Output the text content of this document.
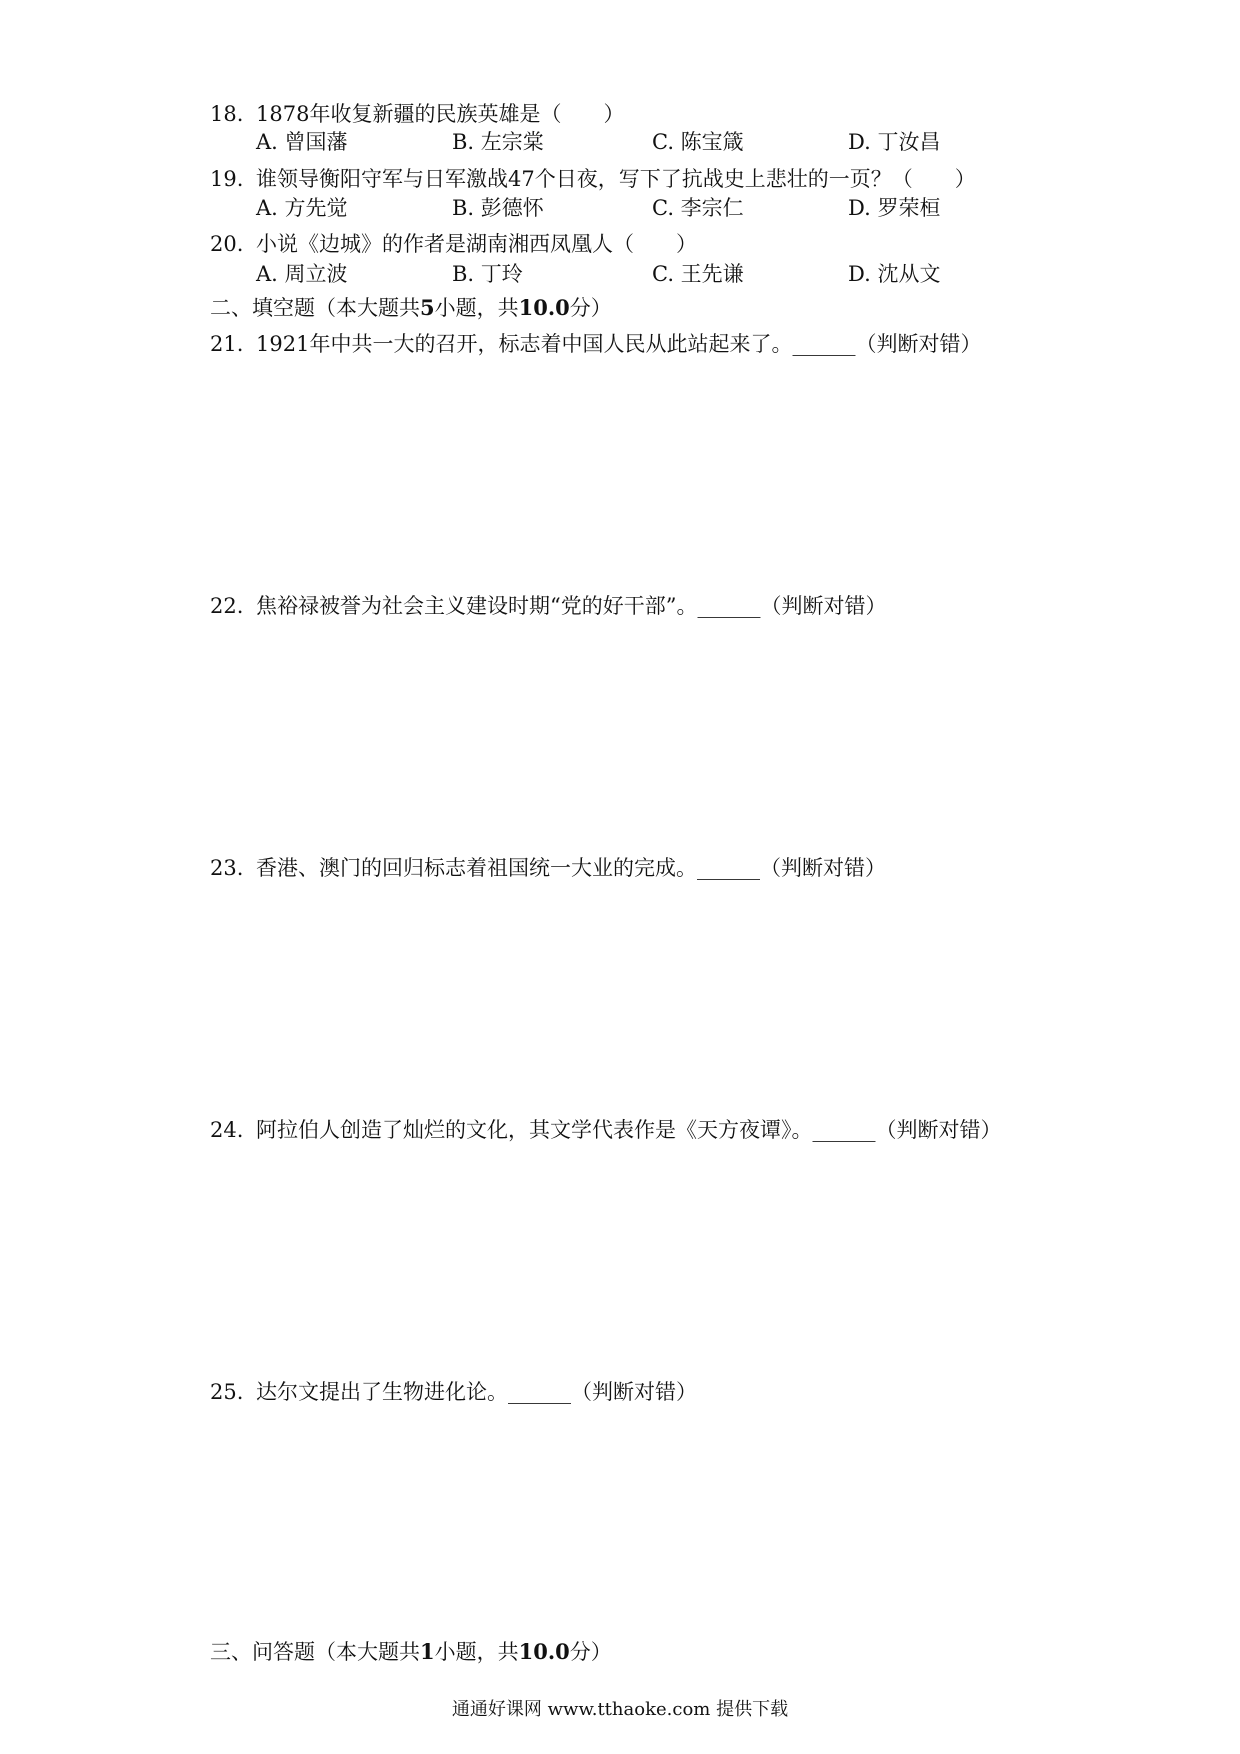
18. 1878年收复新疆的民族英雄是（　　）
A. 曾国藩	B. 左宗棠	C. 陈宝箴	D. 丁汝昌
19. 谁领导衡阳守军与日军激战47个日夜，写下了抗战史上悲壮的一页？（　　）
A. 方先觉	B. 彭德怀	C. 李宗仁	D. 罗荣桓
20. 小说《边城》的作者是湖南湘西凤凰人（　　）
A. 周立波	B. 丁玲	C. 王先谦	D. 沈从文
二、填空题（本大题共5小题，共10.0分）
21. 1921年中共一大的召开，标志着中国人民从此站起来了。______（判断对错）
22. 焦裕禄被誉为社会主义建设时期“党的好干部”。______（判断对错）
23. 香港、澳门的回归标志着祖国统一大业的完成。______（判断对错）
24. 阿拉伯人创造了灿烂的文化，其文学代表作是《天方夜谭》。______（判断对错）
25. 达尔文提出了生物进化论。______（判断对错）
三、问答题（本大题共1小题，共10.0分）
通通好课网 www.tthaoke.com 提供下载
